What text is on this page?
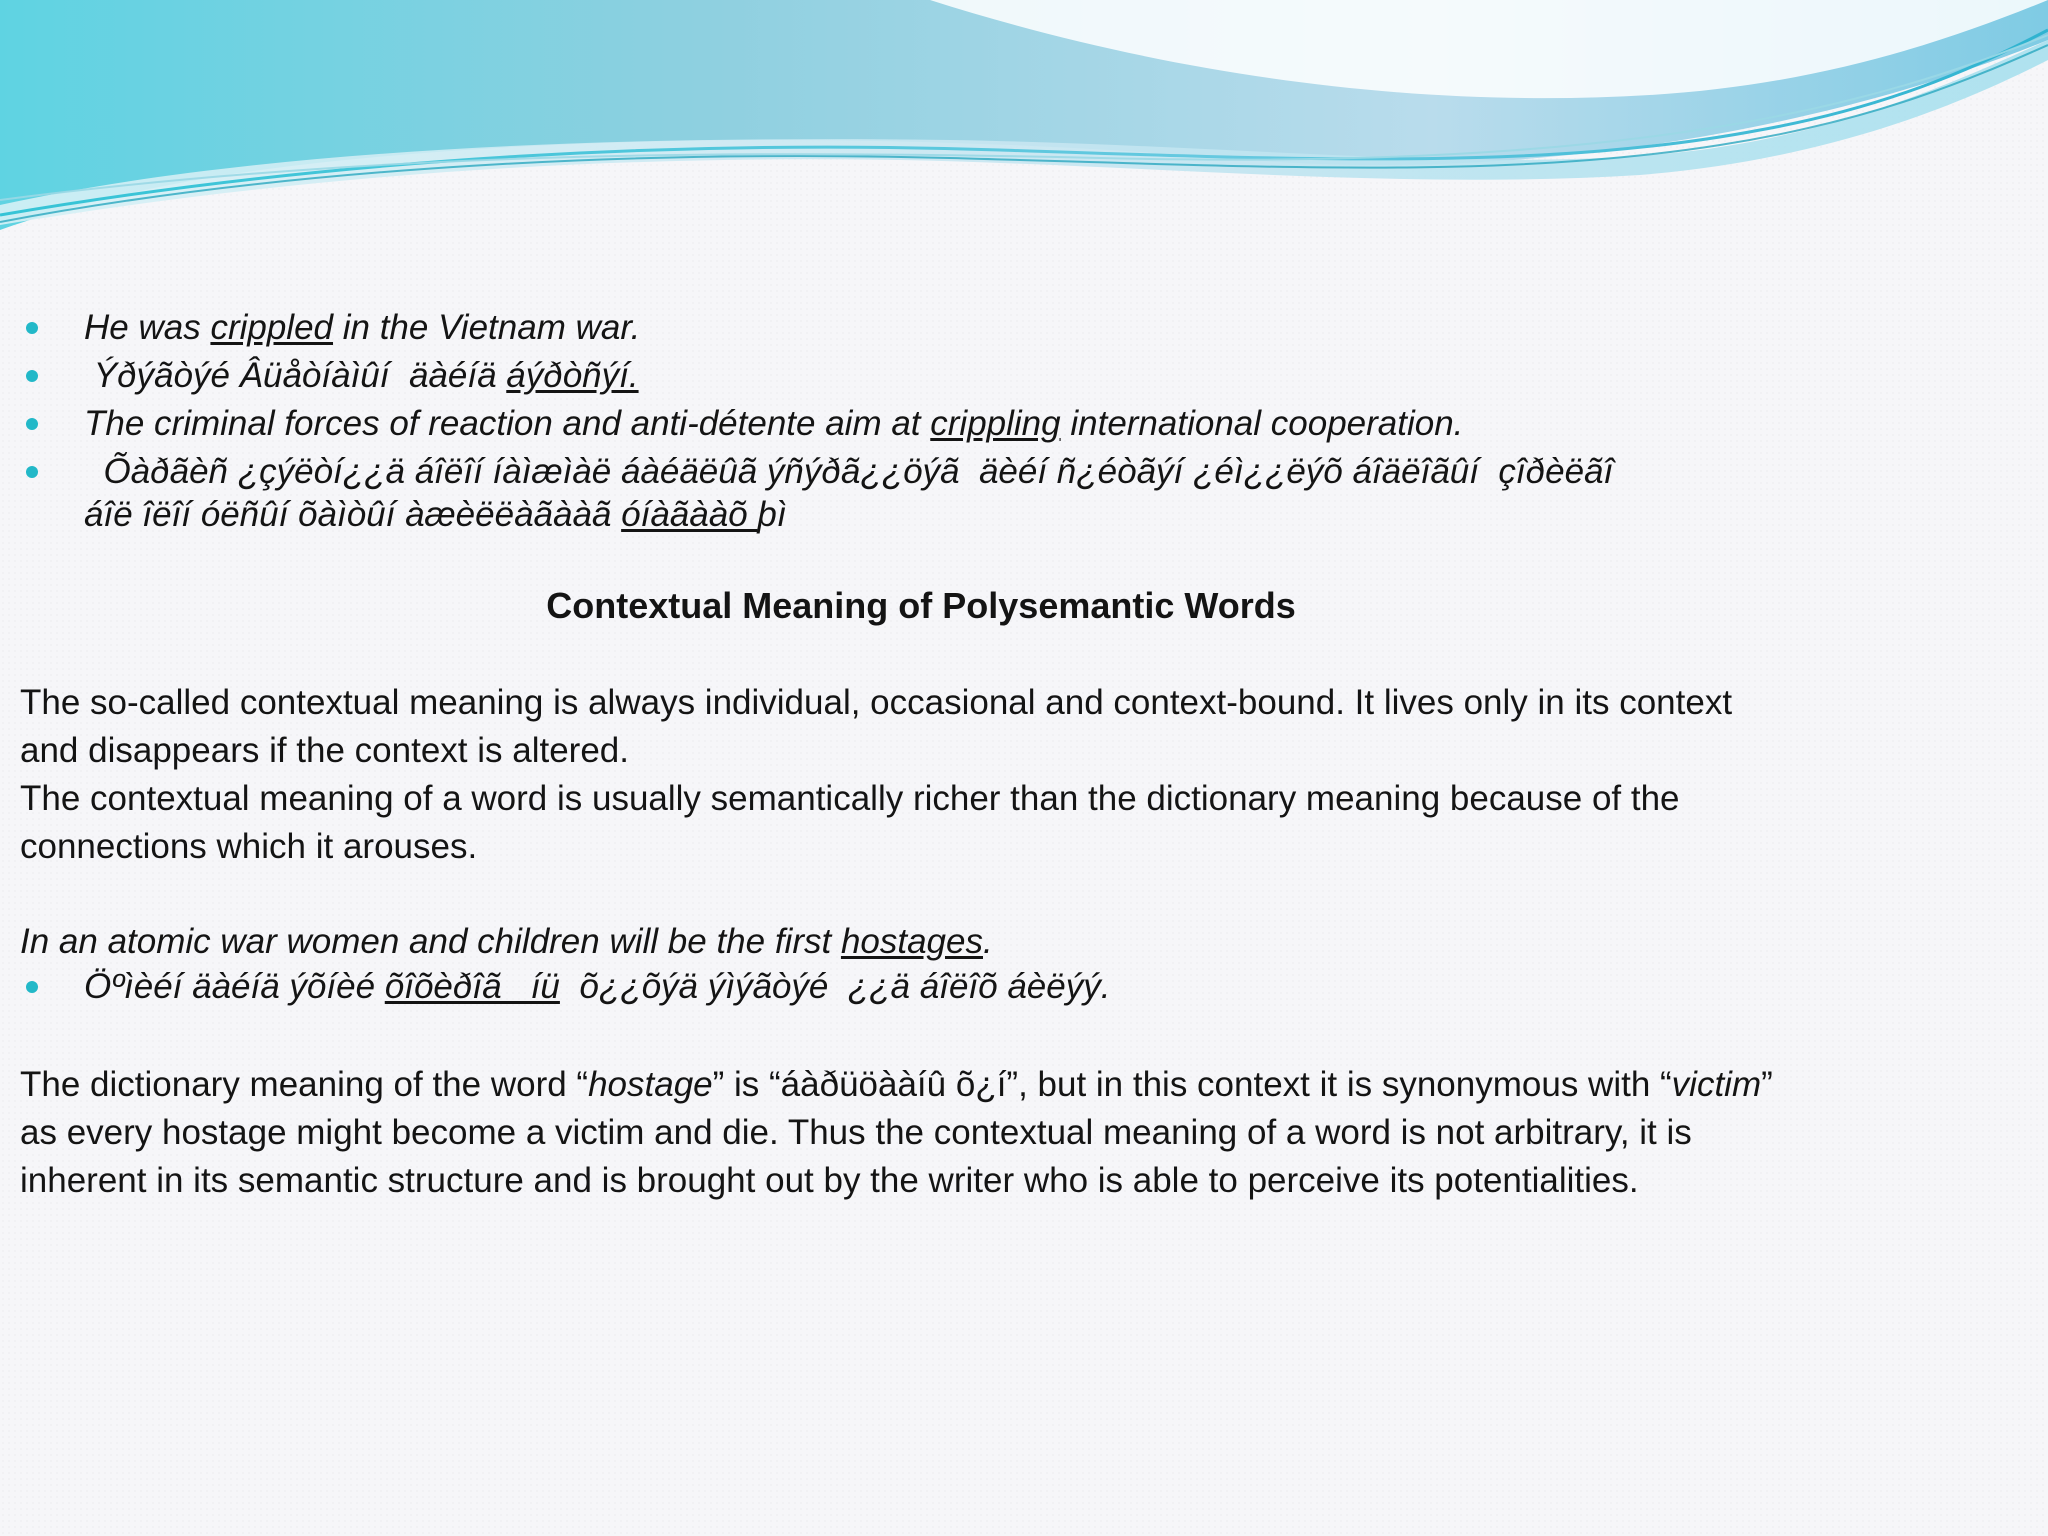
He was crippled in the Vietnam war.
Ýðýãòýé Âüåòíàìûí  äàéíä áýðòñýí.
The criminal forces of reaction and anti-détente aim at crippling international cooperation.
Õàðãèñ ¿çýëòí¿¿ä áîëîí íàìæìàë áàéäëûã ýñýðã¿¿öýã  äèéí ñ¿éòãýí ¿éì¿¿ëýõ áîäëîãûí  çîðèëãî
áîë îëîí óëñûí õàìòûí àæèëëàãààã óíàãààõ þì
Contextual Meaning of Polysemantic Words

The so-called contextual meaning is always individual, occasional and context-bound. It lives only in its context and disappears if the context is altered.

The contextual meaning of a word is usually semantically richer than the dictionary meaning because of the connections which it arouses.

In an atomic war women and children will be the first hostages.

Öºìèéí äàéíä ýõíèé õîõèðîã   íü  õ¿¿õýä ýìýãòýé  ¿¿ä áîëîõ áèëýý.

The dictionary meaning of the word “hostage” is “áàðüöààíû õ¿í”, but in this context it is synonymous with “victim” as every hostage might become a victim and die. Thus the contextual meaning of a word is not arbitrary, it is inherent in its semantic structure and is brought out by the writer who is able to perceive its potentialities.
